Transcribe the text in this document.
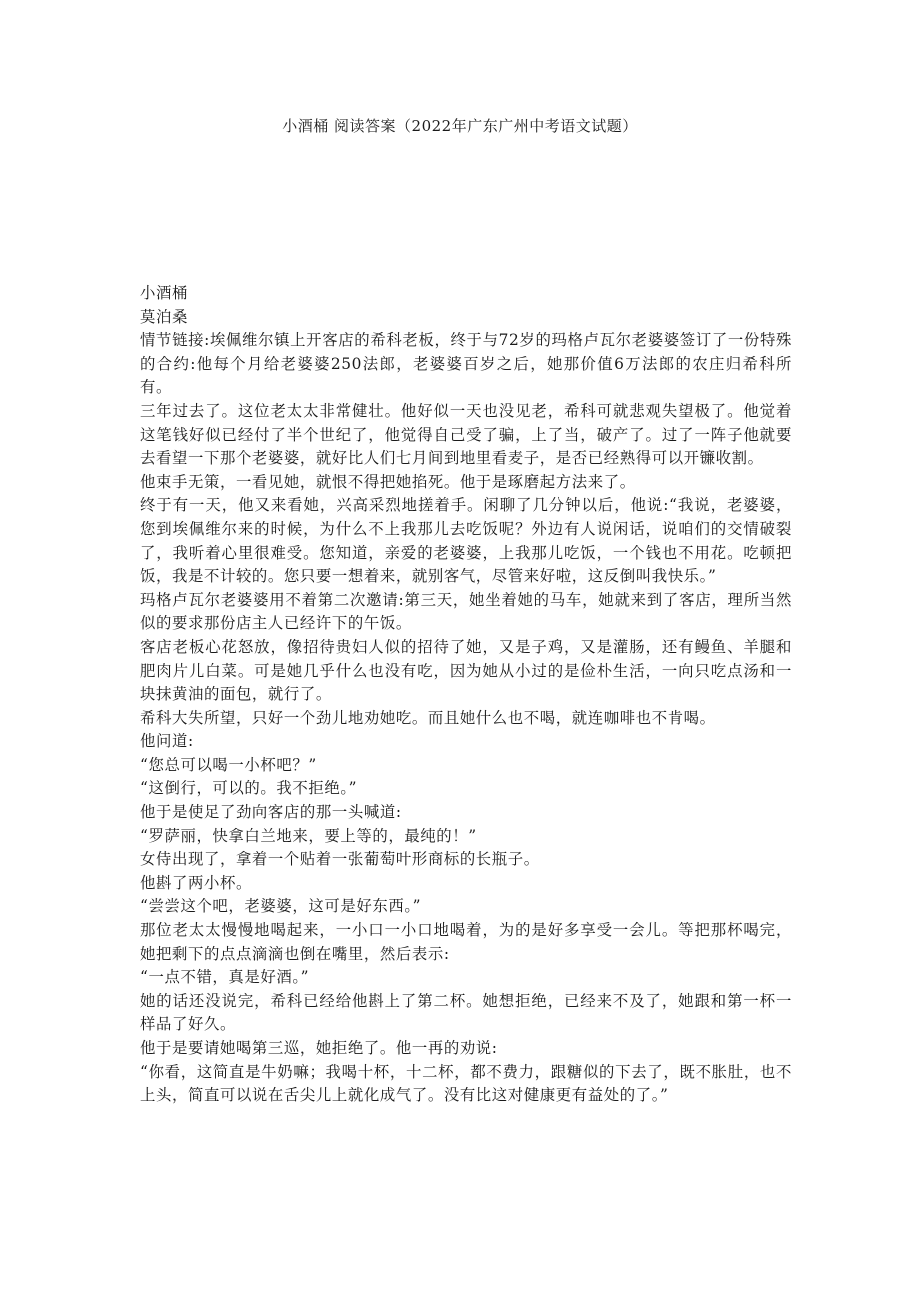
小酒桶 阅读答案（2022年广东广州中考语文试题）

小酒桶

莫泊桑

情节链接:埃佩维尔镇上开客店的希科老板，终于与72岁的玛格卢瓦尔老婆婆签订了一份特殊的合约:他每个月给老婆婆250法郎，老婆婆百岁之后，她那价值6万法郎的农庄归希科所有。

三年过去了。这位老太太非常健壮。他好似一天也没见老，希科可就悲观失望极了。他觉着这笔钱好似已经付了半个世纪了，他觉得自己受了骗，上了当，破产了。过了一阵子他就要去看望一下那个老婆婆，就好比人们七月间到地里看麦子，是否已经熟得可以开镰收割。

他束手无策，一看见她，就恨不得把她掐死。他于是琢磨起方法来了。

终于有一天，他又来看她，兴高采烈地搓着手。闲聊了几分钟以后，他说:“我说，老婆婆，您到埃佩维尔来的时候，为什么不上我那儿去吃饭呢？外边有人说闲话，说咱们的交情破裂了，我听着心里很难受。您知道，亲爱的老婆婆，上我那儿吃饭，一个钱也不用花。吃顿把饭，我是不计较的。您只要一想着来，就别客气，尽管来好啦，这反倒叫我快乐。”

玛格卢瓦尔老婆婆用不着第二次邀请:第三天，她坐着她的马车，她就来到了客店，理所当然似的要求那份店主人已经许下的午饭。

客店老板心花怒放，像招待贵妇人似的招待了她，又是子鸡，又是灌肠，还有鳗鱼、羊腿和肥肉片儿白菜。可是她几乎什么也没有吃，因为她从小过的是俭朴生活，一向只吃点汤和一块抹黄油的面包，就行了。

希科大失所望，只好一个劲儿地劝她吃。而且她什么也不喝，就连咖啡也不肯喝。

他问道:

“您总可以喝一小杯吧？”

“这倒行，可以的。我不拒绝。”

他于是使足了劲向客店的那一头喊道:

“罗萨丽，快拿白兰地来，要上等的，最纯的！”

女侍出现了，拿着一个贴着一张葡萄叶形商标的长瓶子。

他斟了两小杯。

“尝尝这个吧，老婆婆，这可是好东西。”

那位老太太慢慢地喝起来，一小口一小口地喝着，为的是好多享受一会儿。等把那杯喝完，她把剩下的点点滴滴也倒在嘴里，然后表示:

“一点不错，真是好酒。”

她的话还没说完，希科已经给他斟上了第二杯。她想拒绝，已经来不及了，她跟和第一杯一样品了好久。

他于是要请她喝第三巡，她拒绝了。他一再的劝说:

“你看，这简直是牛奶嘛；我喝十杯，十二杯，都不费力，跟糖似的下去了，既不胀肚，也不上头，简直可以说在舌尖儿上就化成气了。没有比这对健康更有益处的了。”
